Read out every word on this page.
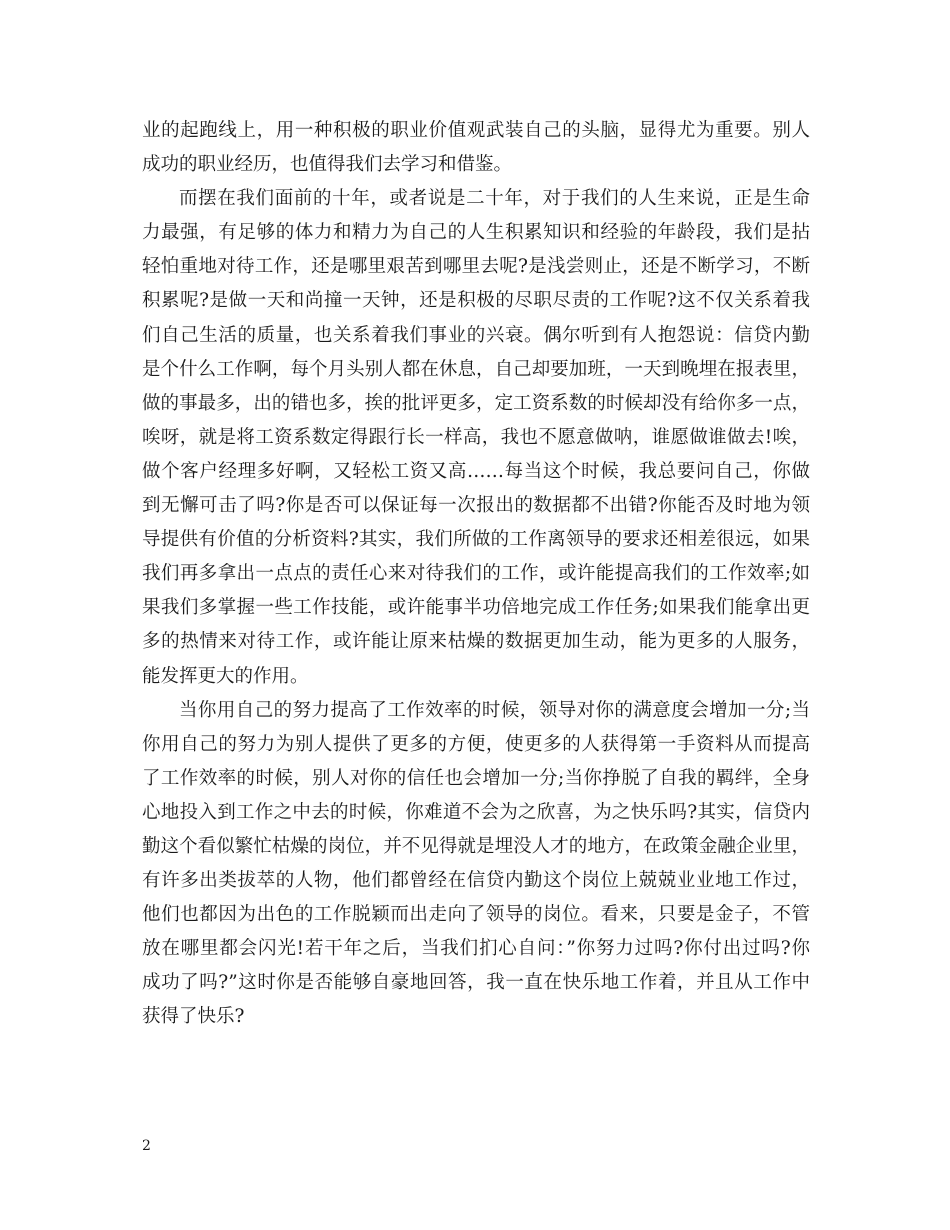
业的起跑线上，用一种积极的职业价值观武装自己的头脑，显得尤为重要。别人
成功的职业经历，也值得我们去学习和借鉴。
而摆在我们面前的十年，或者说是二十年，对于我们的人生来说，正是生命
力最强，有足够的体力和精力为自己的人生积累知识和经验的年龄段，我们是拈
轻怕重地对待工作，还是哪里艰苦到哪里去呢?是浅尝则止，还是不断学习，不断
积累呢?是做一天和尚撞一天钟，还是积极的尽职尽责的工作呢?这不仅关系着我
们自己生活的质量，也关系着我们事业的兴衰。偶尔听到有人抱怨说：信贷内勤
是个什么工作啊，每个月头别人都在休息，自己却要加班，一天到晚埋在报表里，
做的事最多，出的错也多，挨的批评更多，定工资系数的时候却没有给你多一点，
唉呀，就是将工资系数定得跟行长一样高，我也不愿意做呐，谁愿做谁做去!唉，
做个客户经理多好啊，又轻松工资又高……每当这个时候，我总要问自己，你做
到无懈可击了吗?你是否可以保证每一次报出的数据都不出错?你能否及时地为领
导提供有价值的分析资料?其实，我们所做的工作离领导的要求还相差很远，如果
我们再多拿出一点点的责任心来对待我们的工作，或许能提高我们的工作效率;如
果我们多掌握一些工作技能，或许能事半功倍地完成工作任务;如果我们能拿出更
多的热情来对待工作，或许能让原来枯燥的数据更加生动，能为更多的人服务，
能发挥更大的作用。
当你用自己的努力提高了工作效率的时候，领导对你的满意度会增加一分;当
你用自己的努力为别人提供了更多的方便，使更多的人获得第一手资料从而提高
了工作效率的时候，别人对你的信任也会增加一分;当你挣脱了自我的羁绊，全身
心地投入到工作之中去的时候，你难道不会为之欣喜，为之快乐吗?其实，信贷内
勤这个看似繁忙枯燥的岗位，并不见得就是埋没人才的地方，在政策金融企业里，
有许多出类拔萃的人物，他们都曾经在信贷内勤这个岗位上兢兢业业地工作过，
他们也都因为出色的工作脱颖而出走向了领导的岗位。看来，只要是金子，不管
放在哪里都会闪光!若干年之后，当我们扪心自问：”你努力过吗?你付出过吗?你
成功了吗?”这时你是否能够自豪地回答，我一直在快乐地工作着，并且从工作中
获得了快乐?
2
